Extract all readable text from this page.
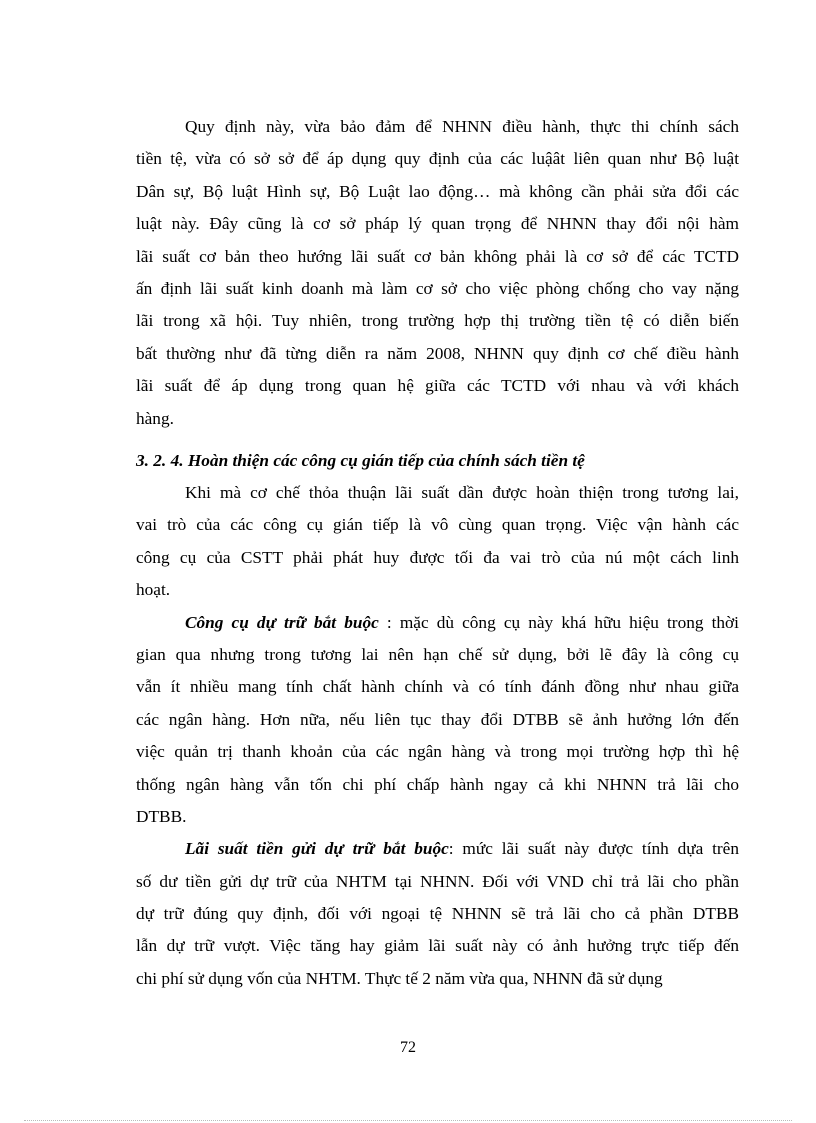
Quy định này, vừa bảo đảm để NHNN điều hành, thực thi chính sách
tiền tệ, vừa có sở sở để áp dụng quy định của các luậât liên quan như Bộ luật
Dân sự, Bộ luật Hình sự, Bộ Luật lao động… mà không cần phải sửa đổi các
luật này. Đây cũng là cơ sở pháp lý quan trọng để NHNN thay đổi nội hàm
lãi suất cơ bản theo hướng lãi suất cơ bản không phải là cơ sở để các TCTD
ấn định lãi suất kinh doanh mà làm cơ sở cho việc phòng chống cho vay nặng
lãi trong xã hội. Tuy nhiên, trong trường hợp thị trường tiền tệ có diễn biến
bất thường như đã từng diễn ra năm 2008, NHNN quy định cơ chế điều hành
lãi suất để áp dụng trong quan hệ giữa các TCTD với nhau và với khách
hàng.
3. 2. 4. Hoàn thiện các công cụ gián tiếp của chính sách tiền tệ
Khi mà cơ chế thỏa thuận lãi suất dần được hoàn thiện trong tương lai,
vai trò của các công cụ gián tiếp là vô cùng quan trọng. Việc vận hành các
công cụ của CSTT phải phát huy được tối đa vai trò của nú một cách linh
hoạt.
Công cụ dự trữ bắt buộc : mặc dù công cụ này khá hữu hiệu trong thời
gian qua nhưng trong tương lai nên hạn chế sử dụng, bởi lẽ đây là công cụ
vẫn ít nhiều mang tính chất hành chính và có tính đánh đồng như nhau giữa
các ngân hàng. Hơn nữa, nếu liên tục thay đổi DTBB sẽ ảnh hưởng lớn đến
việc quản trị thanh khoản của các ngân hàng và trong mọi trường hợp thì hệ
thống ngân hàng vẫn tốn chi phí chấp hành ngay cả khi NHNN trả lãi cho
DTBB.
Lãi suất tiền gửi dự trữ bắt buộc: mức lãi suất này được tính dựa trên
số dư tiền gửi dự trữ của NHTM tại NHNN. Đối với VND chỉ trả lãi cho phần
dự trữ đúng quy định, đối với ngoại tệ NHNN sẽ trả lãi cho cả phần DTBB
lẫn dự trữ vượt. Việc tăng hay giảm lãi suất này có ảnh hưởng trực tiếp đến
chi phí sử dụng vốn của NHTM. Thực tế 2 năm vừa qua, NHNN đã sử dụng
72
